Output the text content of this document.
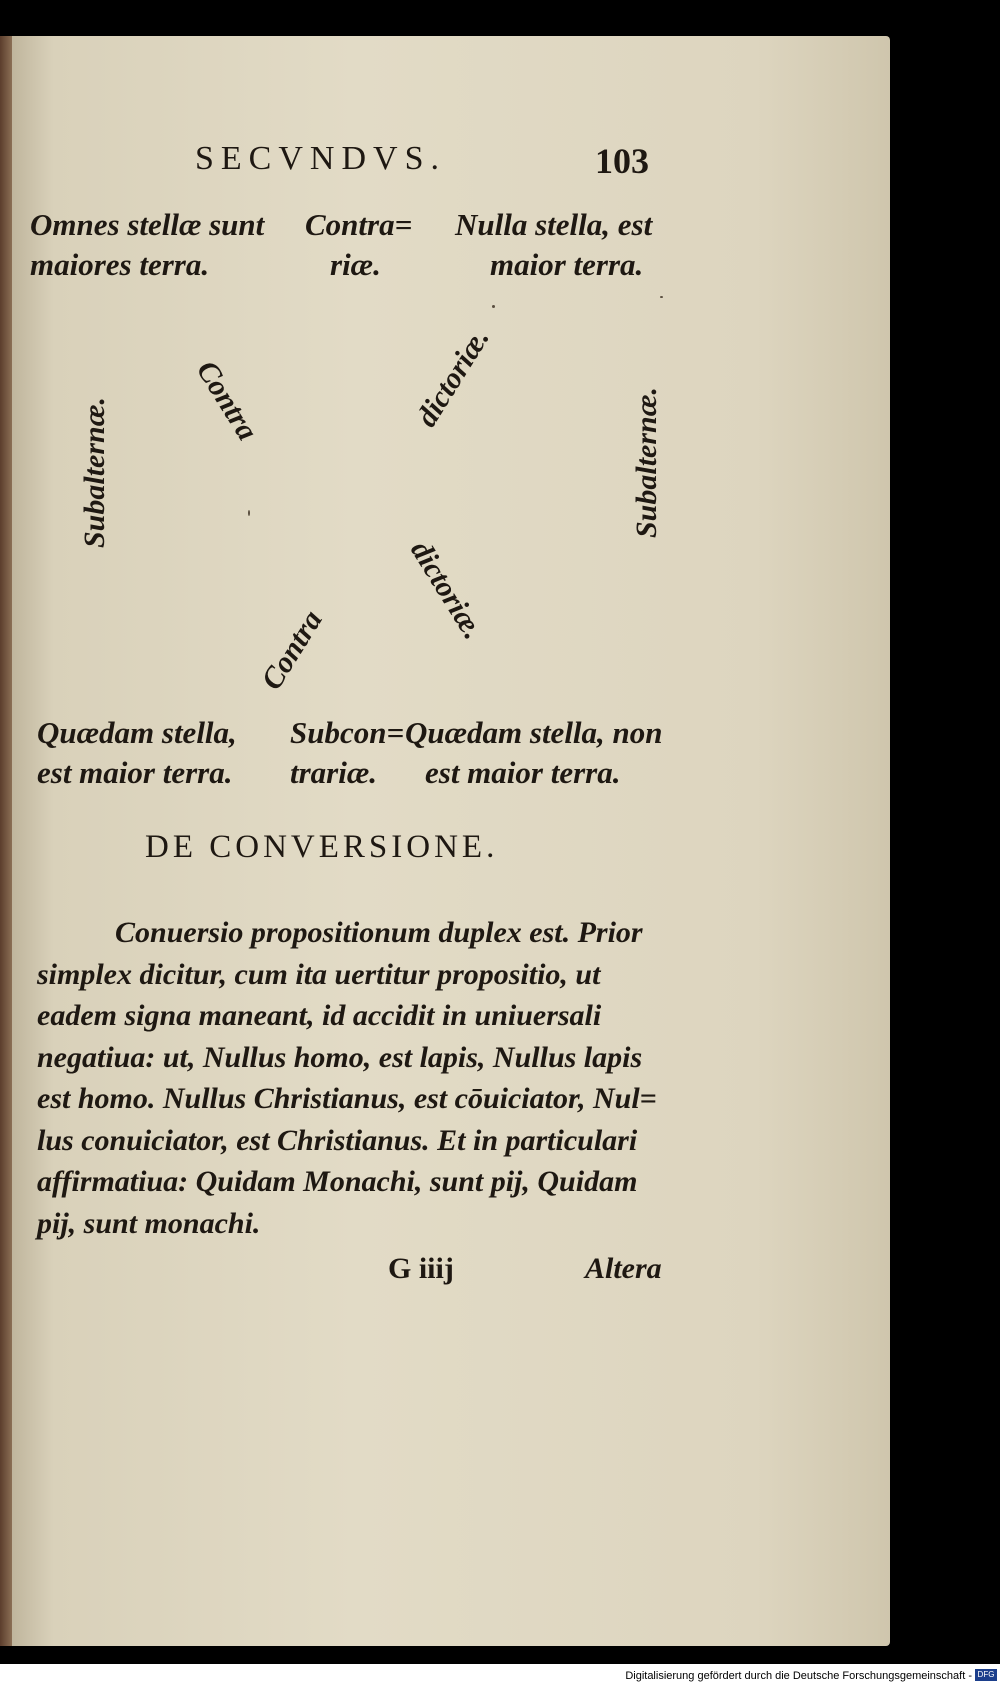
SECVNDVS.	103
Omnes stellæ sunt
maiores terra.
Contra=
riæ.
Nulla stella, est
maior terra.
Contra	dictoriæ.
Subalternæ.	Subalternæ.
dictoriæ.
Contra
Quædam stella,
est maior terra.
Subcon=
trariæ.
Quædam stella, non
est maior terra.
DE CONVERSIONE.
Conuersio propositionum duplex est. Prior
simplex dicitur, cum ita uertitur propositio, ut
eadem signa maneant, id accidit in uniuersali
negatiua: ut, Nullus homo, est lapis, Nullus lapis
est homo. Nullus Christianus, est cōuiciator, Nul=
lus conuiciator, est Christianus. Et in particulari
affirmatiua: Quidam Monachi, sunt pij, Quidam
pij, sunt monachi.
G iiij	Altera
Digitalisierung gefördert durch die Deutsche Forschungsgemeinschaft - DFG
